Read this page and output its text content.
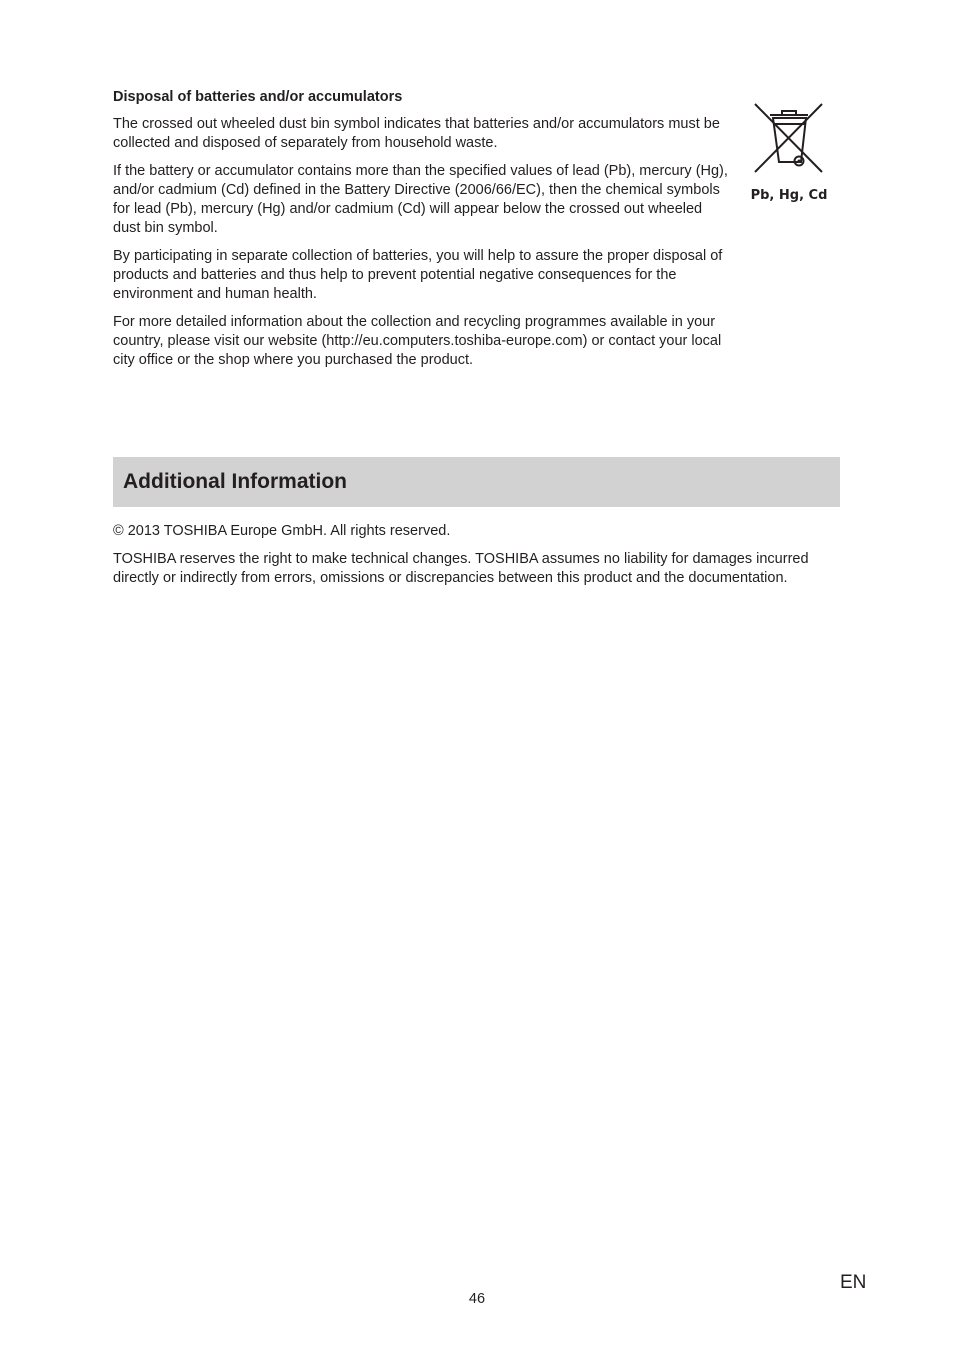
Disposal of batteries and/or accumulators

The crossed out wheeled dust bin symbol indicates that batteries and/or accumulators must be collected and disposed of separately from household waste.

If the battery or accumulator contains more than the specified values of lead (Pb), mercury (Hg), and/or cadmium (Cd) defined in the Battery Directive (2006/66/EC), then the chemical symbols for lead (Pb), mercury (Hg) and/or cadmium (Cd) will appear below the crossed out wheeled dust bin symbol.

By participating in separate collection of batteries, you will help to assure the proper disposal of products and batteries and thus help to prevent potential negative consequences for the environment and human health.

For more detailed information about the collection and recycling programmes available in your country, please visit our website (http://eu.computers.toshiba-europe.com) or contact your local city office or the shop where you purchased the product.

Pb, Hg, Cd
Additional Information

© 2013 TOSHIBA Europe GmbH. All rights reserved.

TOSHIBA reserves the right to make technical changes. TOSHIBA assumes no liability for damages incurred directly or indirectly from errors, omissions or discrepancies between this product and the documentation.

46
EN
